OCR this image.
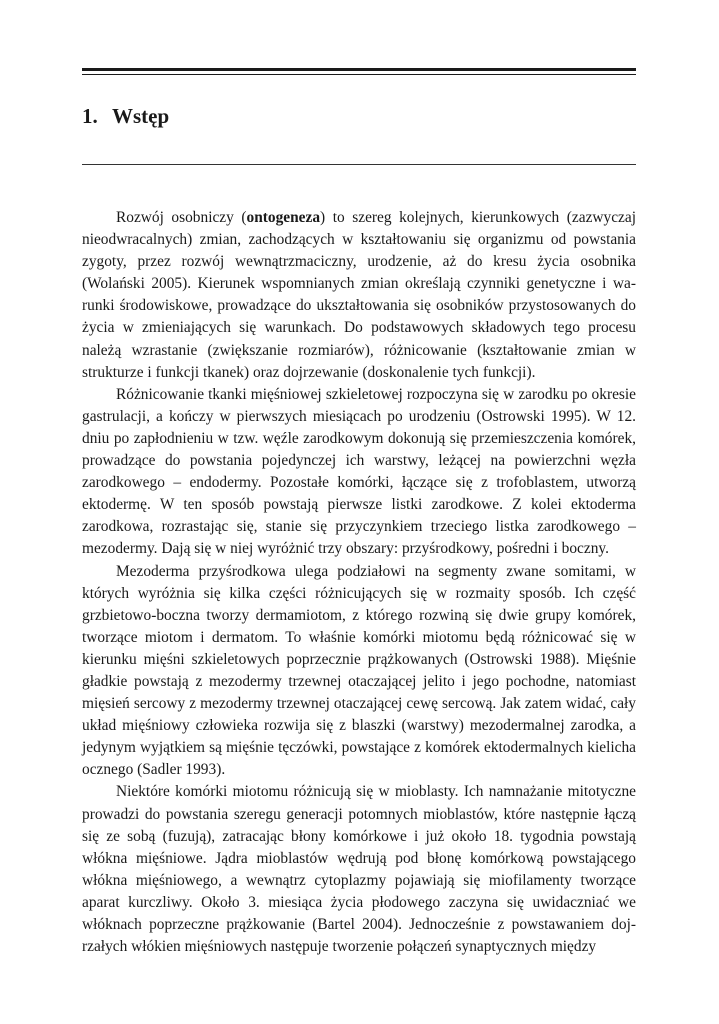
1. Wstęp

Rozwój osobniczy (ontogeneza) to szereg kolejnych, kierunkowych (zazwyczaj nieodwracalnych) zmian, zachodzących w kształtowaniu się organizmu od powstania zygoty, przez rozwój wewnątrzmaciczny, urodzenie, aż do kresu życia osobnika (Wolański 2005). Kierunek wspomnianych zmian określają czynniki genetyczne i warunki środowiskowe, prowadzące do ukształtowania się osobników przystosowanych do życia w zmieniających się warunkach. Do podstawowych składowych tego procesu należą wzrastanie (zwiększanie rozmiarów), różnicowanie (kształtowanie zmian w strukturze i funkcji tkanek) oraz dojrzewanie (doskonalenie tych funkcji).

Różnicowanie tkanki mięśniowej szkieletowej rozpoczyna się w zarodku po okresie gastrulacji, a kończy w pierwszych miesiącach po urodzeniu (Ostrowski 1995). W 12. dniu po zapłodnieniu w tzw. węźle zarodkowym dokonują się przemieszczenia komórek, prowadzące do powstania pojedynczej ich warstwy, leżącej na powierzchni węzła zarodkowego – endodermy. Pozostałe komórki, łączące się z trofoblastem, utworzą ektodermę. W ten sposób powstają pierwsze listki zarodkowe. Z kolei ektoderma zarodkowa, rozrastając się, stanie się przyczynkiem trzeciego listka zarodkowego – mezodermy. Dają się w niej wyróżnić trzy obszary: przyśrodkowy, pośredni i boczny.

Mezoderma przyśrodkowa ulega podziałowi na segmenty zwane somitami, w których wyróżnia się kilka części różnicujących się w rozmaity sposób. Ich część grzbietowo-boczna tworzy dermamiotom, z którego rozwiną się dwie grupy komórek, tworzące miotom i dermatom. To właśnie komórki miotomu będą różnicować się w kierunku mięśni szkieletowych poprzecznie prążkowanych (Ostrowski 1988). Mięśnie gładkie powstają z mezodermy trzewnej otaczającej jelito i jego pochodne, natomiast mięsień sercowy z mezodermy trzewnej otaczającej cewę sercową. Jak zatem widać, cały układ mięśniowy człowieka rozwija się z blaszki (warstwy) mezodermalnej zarodka, a jedynym wyjątkiem są mięśnie tęczówki, powstające z komórek ektodermalnych kielicha ocznego (Sadler 1993).

Niektóre komórki miotomu różnicują się w mioblasty. Ich namnażanie mitotyczne prowadzi do powstania szeregu generacji potomnych mioblastów, które następnie łączą się ze sobą (fuzują), zatracając błony komórkowe i już około 18. tygodnia powstają włókna mięśniowe. Jądra mioblastów wędrują pod błonę komórkową powstającego włókna mięśniowego, a wewnątrz cytoplazmy pojawiają się miofilamenty tworzące aparat kurczliwy. Około 3. miesiąca życia płodowego zaczyna się uwidaczniać we włóknach poprzeczne prążkowanie (Bartel 2004). Jednocześnie z powstawaniem dojrzałych włókien mięśniowych następuje tworzenie połączeń synaptycznych między
